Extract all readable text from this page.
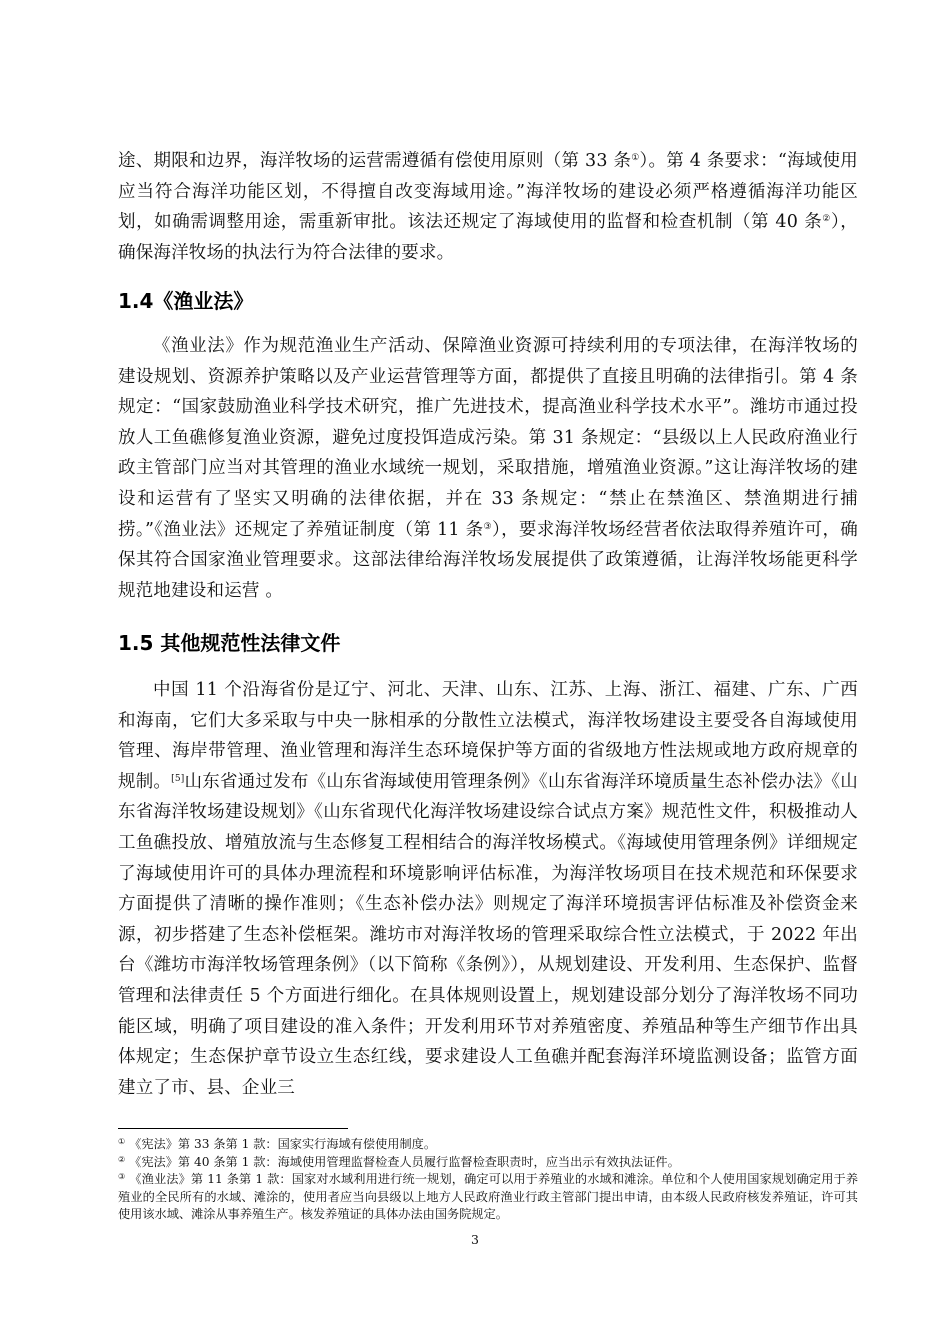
途、期限和边界，海洋牧场的运营需遵循有偿使用原则（第 33 条①）。第 4 条要求：“海域使用应当符合海洋功能区划，不得擅自改变海域用途。”海洋牧场的建设必须严格遵循海洋功能区划，如确需调整用途，需重新审批。该法还规定了海域使用的监督和检查机制（第 40 条②），确保海洋牧场的执法行为符合法律的要求。

1.4《渔业法》

《渔业法》作为规范渔业生产活动、保障渔业资源可持续利用的专项法律，在海洋牧场的建设规划、资源养护策略以及产业运营管理等方面，都提供了直接且明确的法律指引。第 4 条规定：“国家鼓励渔业科学技术研究，推广先进技术，提高渔业科学技术水平”。潍坊市通过投放人工鱼礁修复渔业资源，避免过度投饵造成污染。第 31 条规定：“县级以上人民政府渔业行政主管部门应当对其管理的渔业水域统一规划，采取措施，增殖渔业资源。”这让海洋牧场的建设和运营有了坚实又明确的法律依据，并在 33 条规定：“禁止在禁渔区、禁渔期进行捕捞。”《渔业法》还规定了养殖证制度（第 11 条③），要求海洋牧场经营者依法取得养殖许可，确保其符合国家渔业管理要求。这部法律给海洋牧场发展提供了政策遵循，让海洋牧场能更科学规范地建设和运营 。

1.5 其他规范性法律文件

中国 11 个沿海省份是辽宁、河北、天津、山东、江苏、上海、浙江、福建、广东、广西和海南，它们大多采取与中央一脉相承的分散性立法模式，海洋牧场建设主要受各自海域使用管理、海岸带管理、渔业管理和海洋生态环境保护等方面的省级地方性法规或地方政府规章的规制。[5]山东省通过发布《山东省海域使用管理条例》《山东省海洋环境质量生态补偿办法》《山东省海洋牧场建设规划》《山东省现代化海洋牧场建设综合试点方案》规范性文件，积极推动人工鱼礁投放、增殖放流与生态修复工程相结合的海洋牧场模式。《海域使用管理条例》详细规定了海域使用许可的具体办理流程和环境影响评估标准，为海洋牧场项目在技术规范和环保要求方面提供了清晰的操作准则；《生态补偿办法》则规定了海洋环境损害评估标准及补偿资金来源，初步搭建了生态补偿框架。潍坊市对海洋牧场的管理采取综合性立法模式，于 2022 年出台《潍坊市海洋牧场管理条例》（以下简称《条例》），从规划建设、开发利用、生态保护、监督管理和法律责任 5 个方面进行细化。在具体规则设置上，规划建设部分划分了海洋牧场不同功能区域，明确了项目建设的准入条件；开发利用环节对养殖密度、养殖品种等生产细节作出具体规定；生态保护章节设立生态红线，要求建设人工鱼礁并配套海洋环境监测设备；监管方面建立了市、县、企业三

① 《宪法》第 33 条第 1 款：国家实行海域有偿使用制度。

② 《宪法》第 40 条第 1 款：海域使用管理监督检查人员履行监督检查职责时，应当出示有效执法证件。

③ 《渔业法》第 11 条第 1 款：国家对水域利用进行统一规划，确定可以用于养殖业的水域和滩涂。单位和个人使用国家规划确定用于养殖业的全民所有的水域、滩涂的，使用者应当向县级以上地方人民政府渔业行政主管部门提出申请，由本级人民政府核发养殖证，许可其使用该水域、滩涂从事养殖生产。核发养殖证的具体办法由国务院规定。

3
